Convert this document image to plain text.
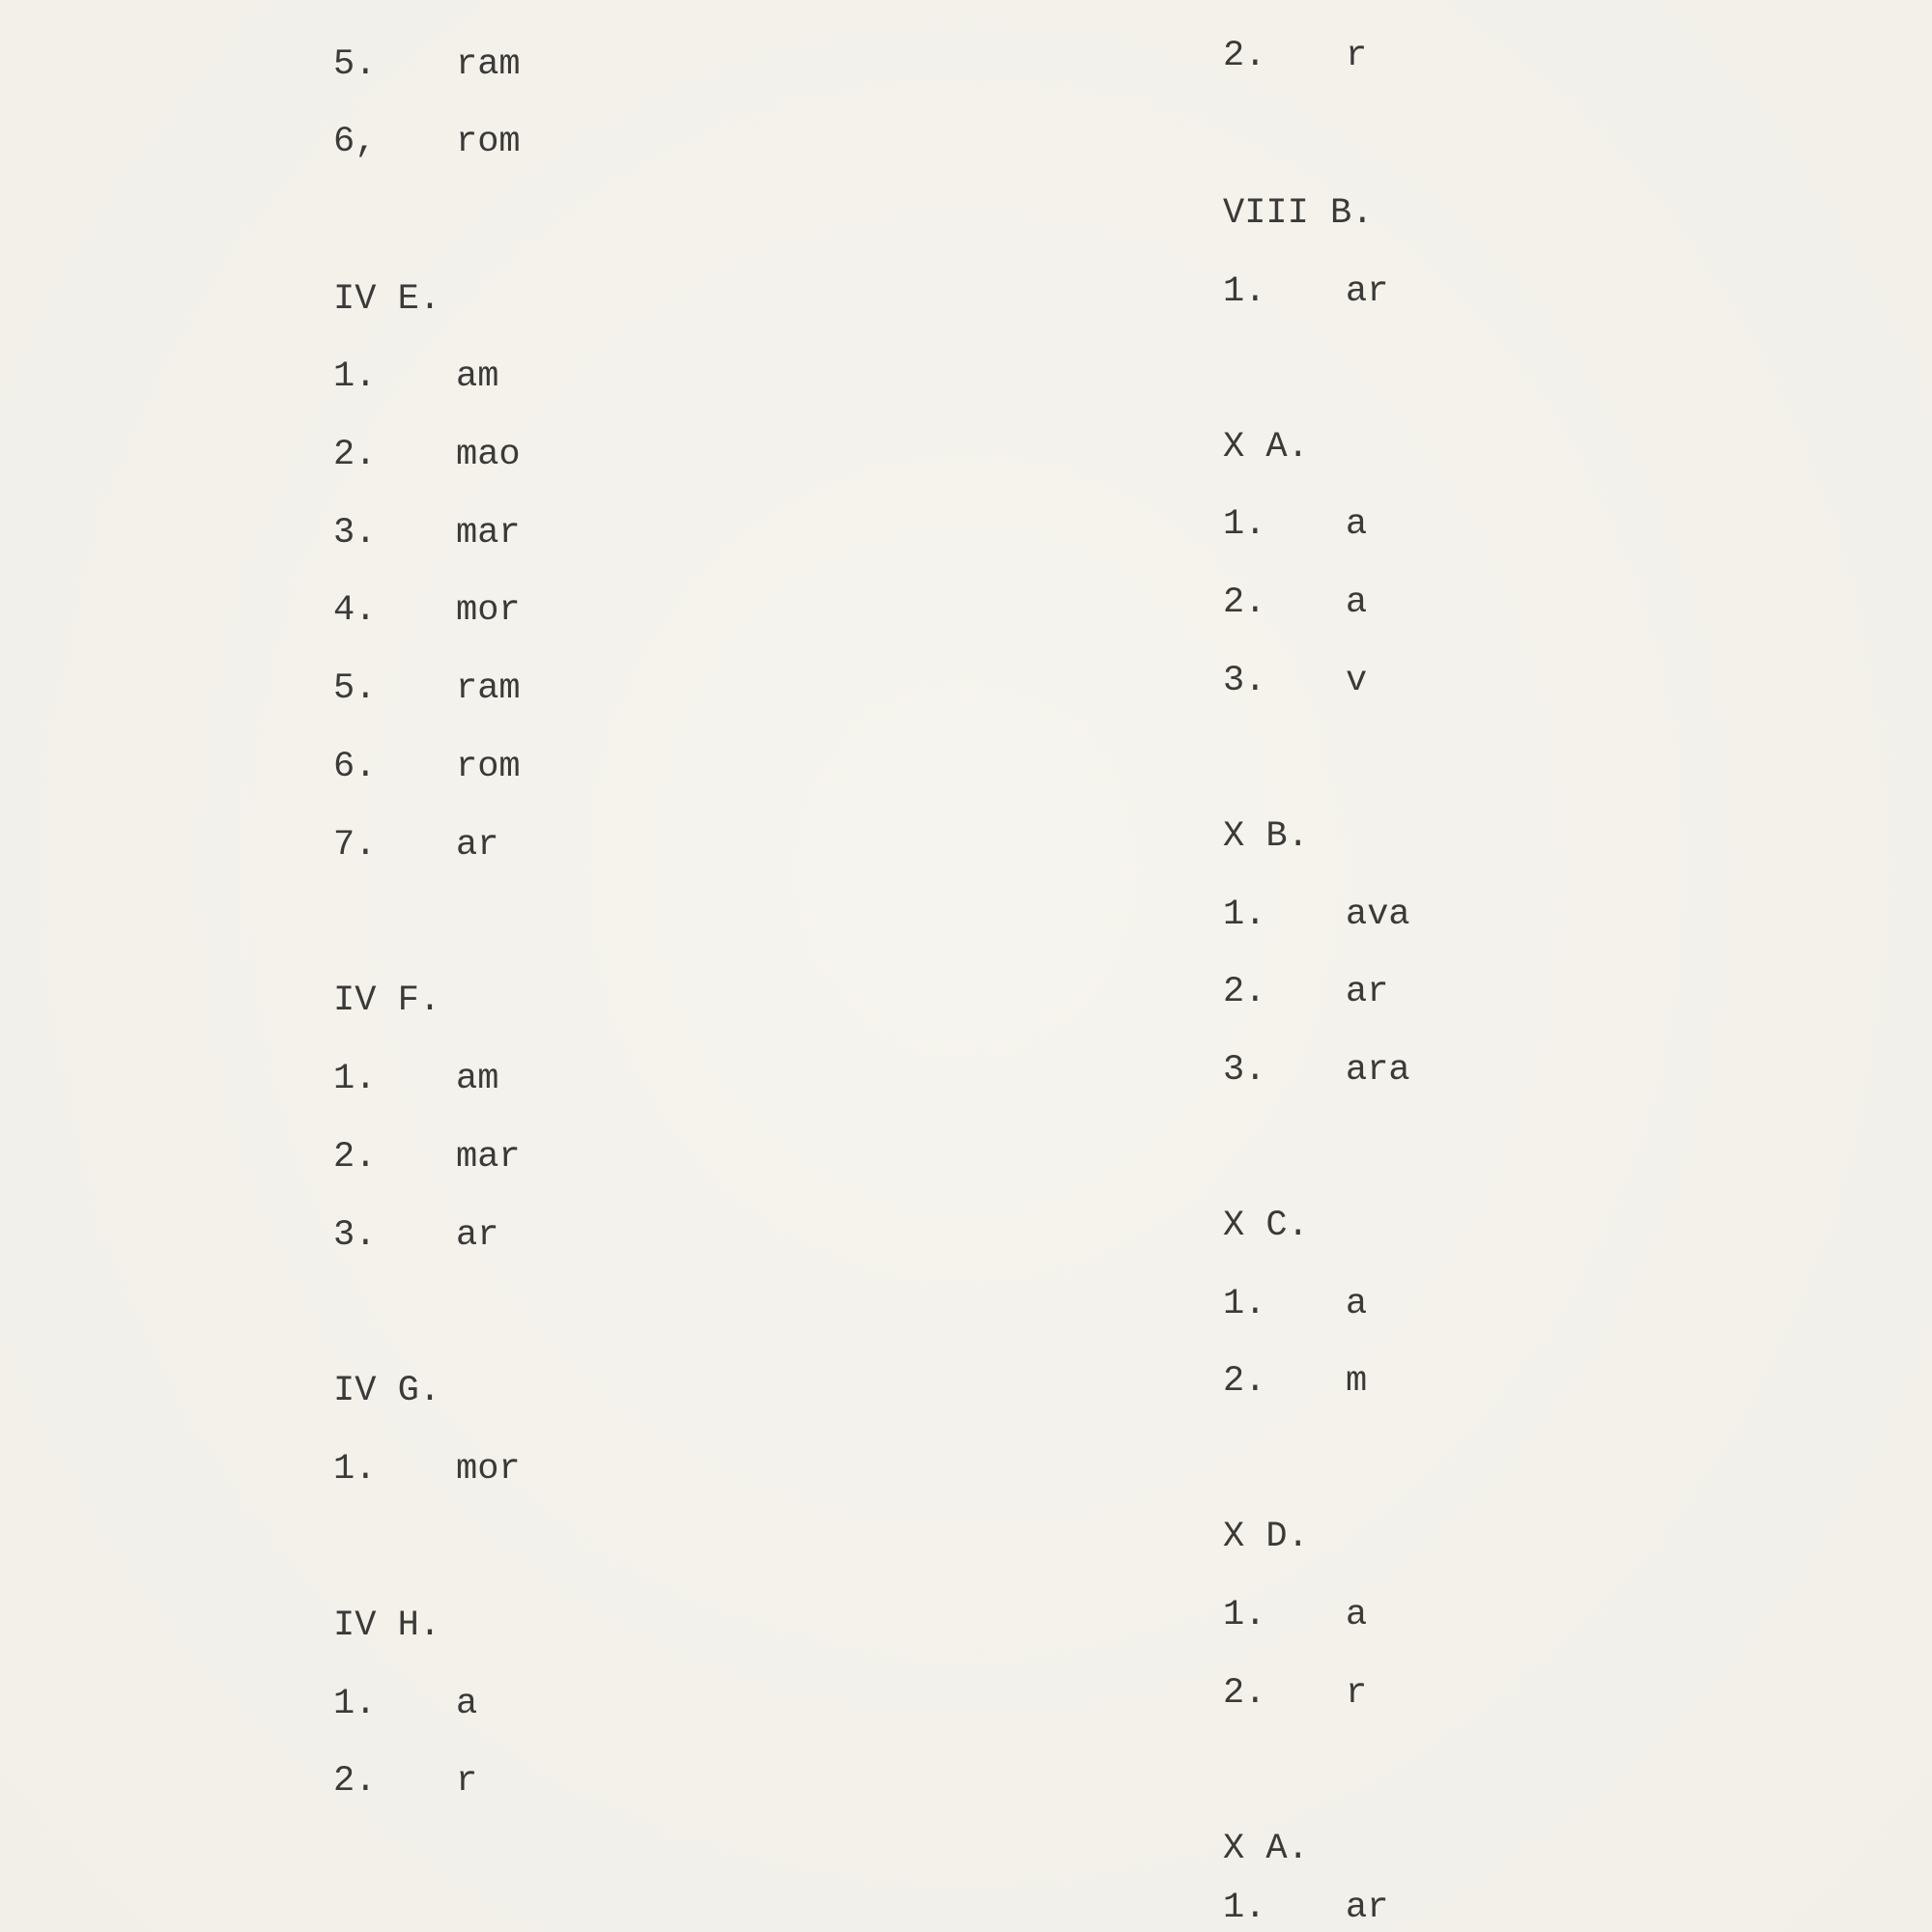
5. ram
6, rom
IV E.
1. am
2. mao
3. mar
4. mor
5. ram
6. rom
7. ar
IV F.
1. am
2. mar
3. ar
IV G.
1. mor
IV H.
1. a
2. r
2. r
VIII B.
1. ar
X A.
1. a
2. a
3. v
X B.
1. ava
2. ar
3. ara
X C.
1. a
2. m
X D.
1. a
2. r
X A.
1. ar
